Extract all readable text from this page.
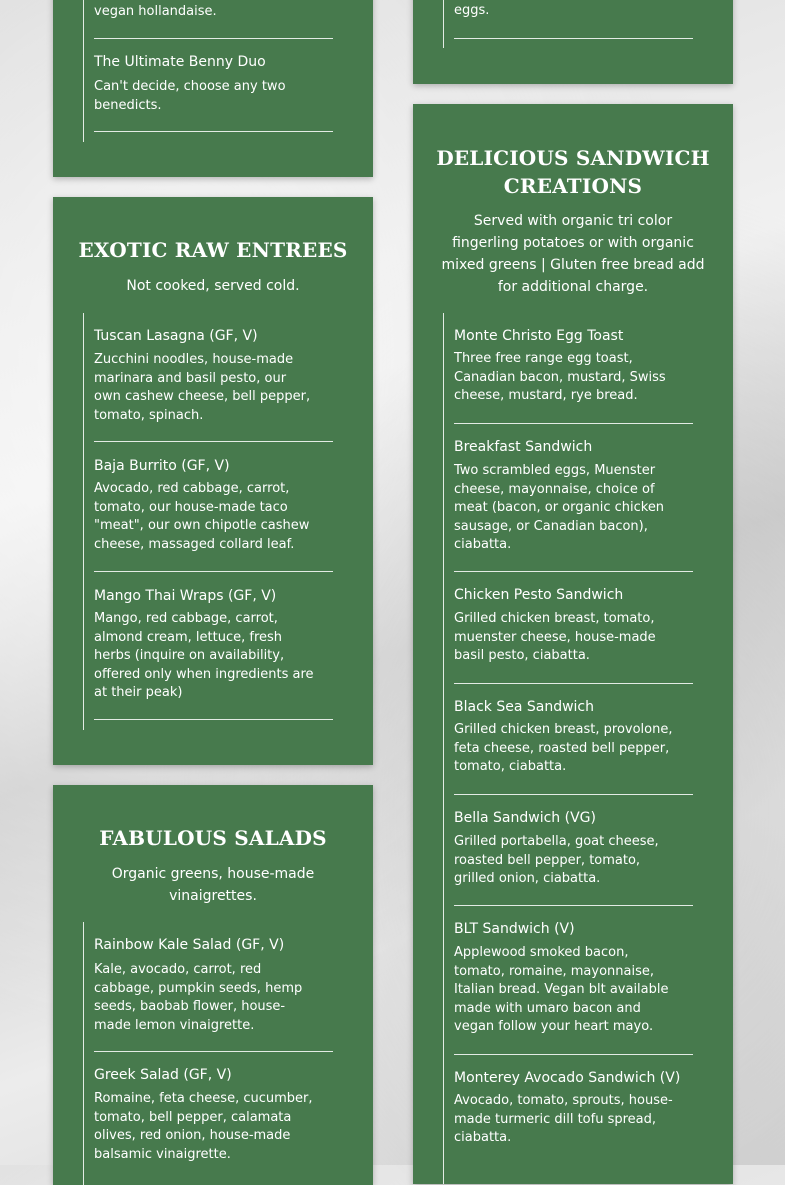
vegan hollandaise.
The Ultimate Benny Duo
Can't decide, choose any two benedicts.
eggs.
EXOTIC RAW ENTREES

Not cooked, served cold.

Tuscan Lasagna (GF, V)
Zucchini noodles, house-made marinara and basil pesto, our own cashew cheese, bell pepper, tomato, spinach.
Baja Burrito (GF, V)
Avocado, red cabbage, carrot, tomato, our house-made taco "meat", our own chipotle cashew cheese, massaged collard leaf.
Mango Thai Wraps (GF, V)
Mango, red cabbage, carrot, almond cream, lettuce, fresh herbs (inquire on availability, offered only when ingredients are at their peak)
FABULOUS SALADS

Organic greens, house-made vinaigrettes.

Rainbow Kale Salad (GF, V)
Kale, avocado, carrot, red cabbage, pumpkin seeds, hemp seeds, baobab flower, house-made lemon vinaigrette.
Greek Salad (GF, V)
Romaine, feta cheese, cucumber, tomato, bell pepper, calamata olives, red onion, house-made balsamic vinaigrette.
DELICIOUS SANDWICH CREATIONS

Served with organic tri color fingerling potatoes or with organic mixed greens | Gluten free bread add for additional charge.

Monte Christo Egg Toast
Three free range egg toast, Canadian bacon, mustard, Swiss cheese, mustard, rye bread.
Breakfast Sandwich
Two scrambled eggs, Muenster cheese, mayonnaise, choice of meat (bacon, or organic chicken sausage, or Canadian bacon), ciabatta.
Chicken Pesto Sandwich
Grilled chicken breast, tomato, muenster cheese, house-made basil pesto, ciabatta.
Black Sea Sandwich
Grilled chicken breast, provolone, feta cheese, roasted bell pepper, tomato, ciabatta.
Bella Sandwich (VG)
Grilled portabella, goat cheese, roasted bell pepper, tomato, grilled onion, ciabatta.
BLT Sandwich (V)
Applewood smoked bacon, tomato, romaine, mayonnaise, Italian bread. Vegan blt available made with umaro bacon and vegan follow your heart mayo.
Monterey Avocado Sandwich (V)
Avocado, tomato, sprouts, house-made turmeric dill tofu spread, ciabatta.
